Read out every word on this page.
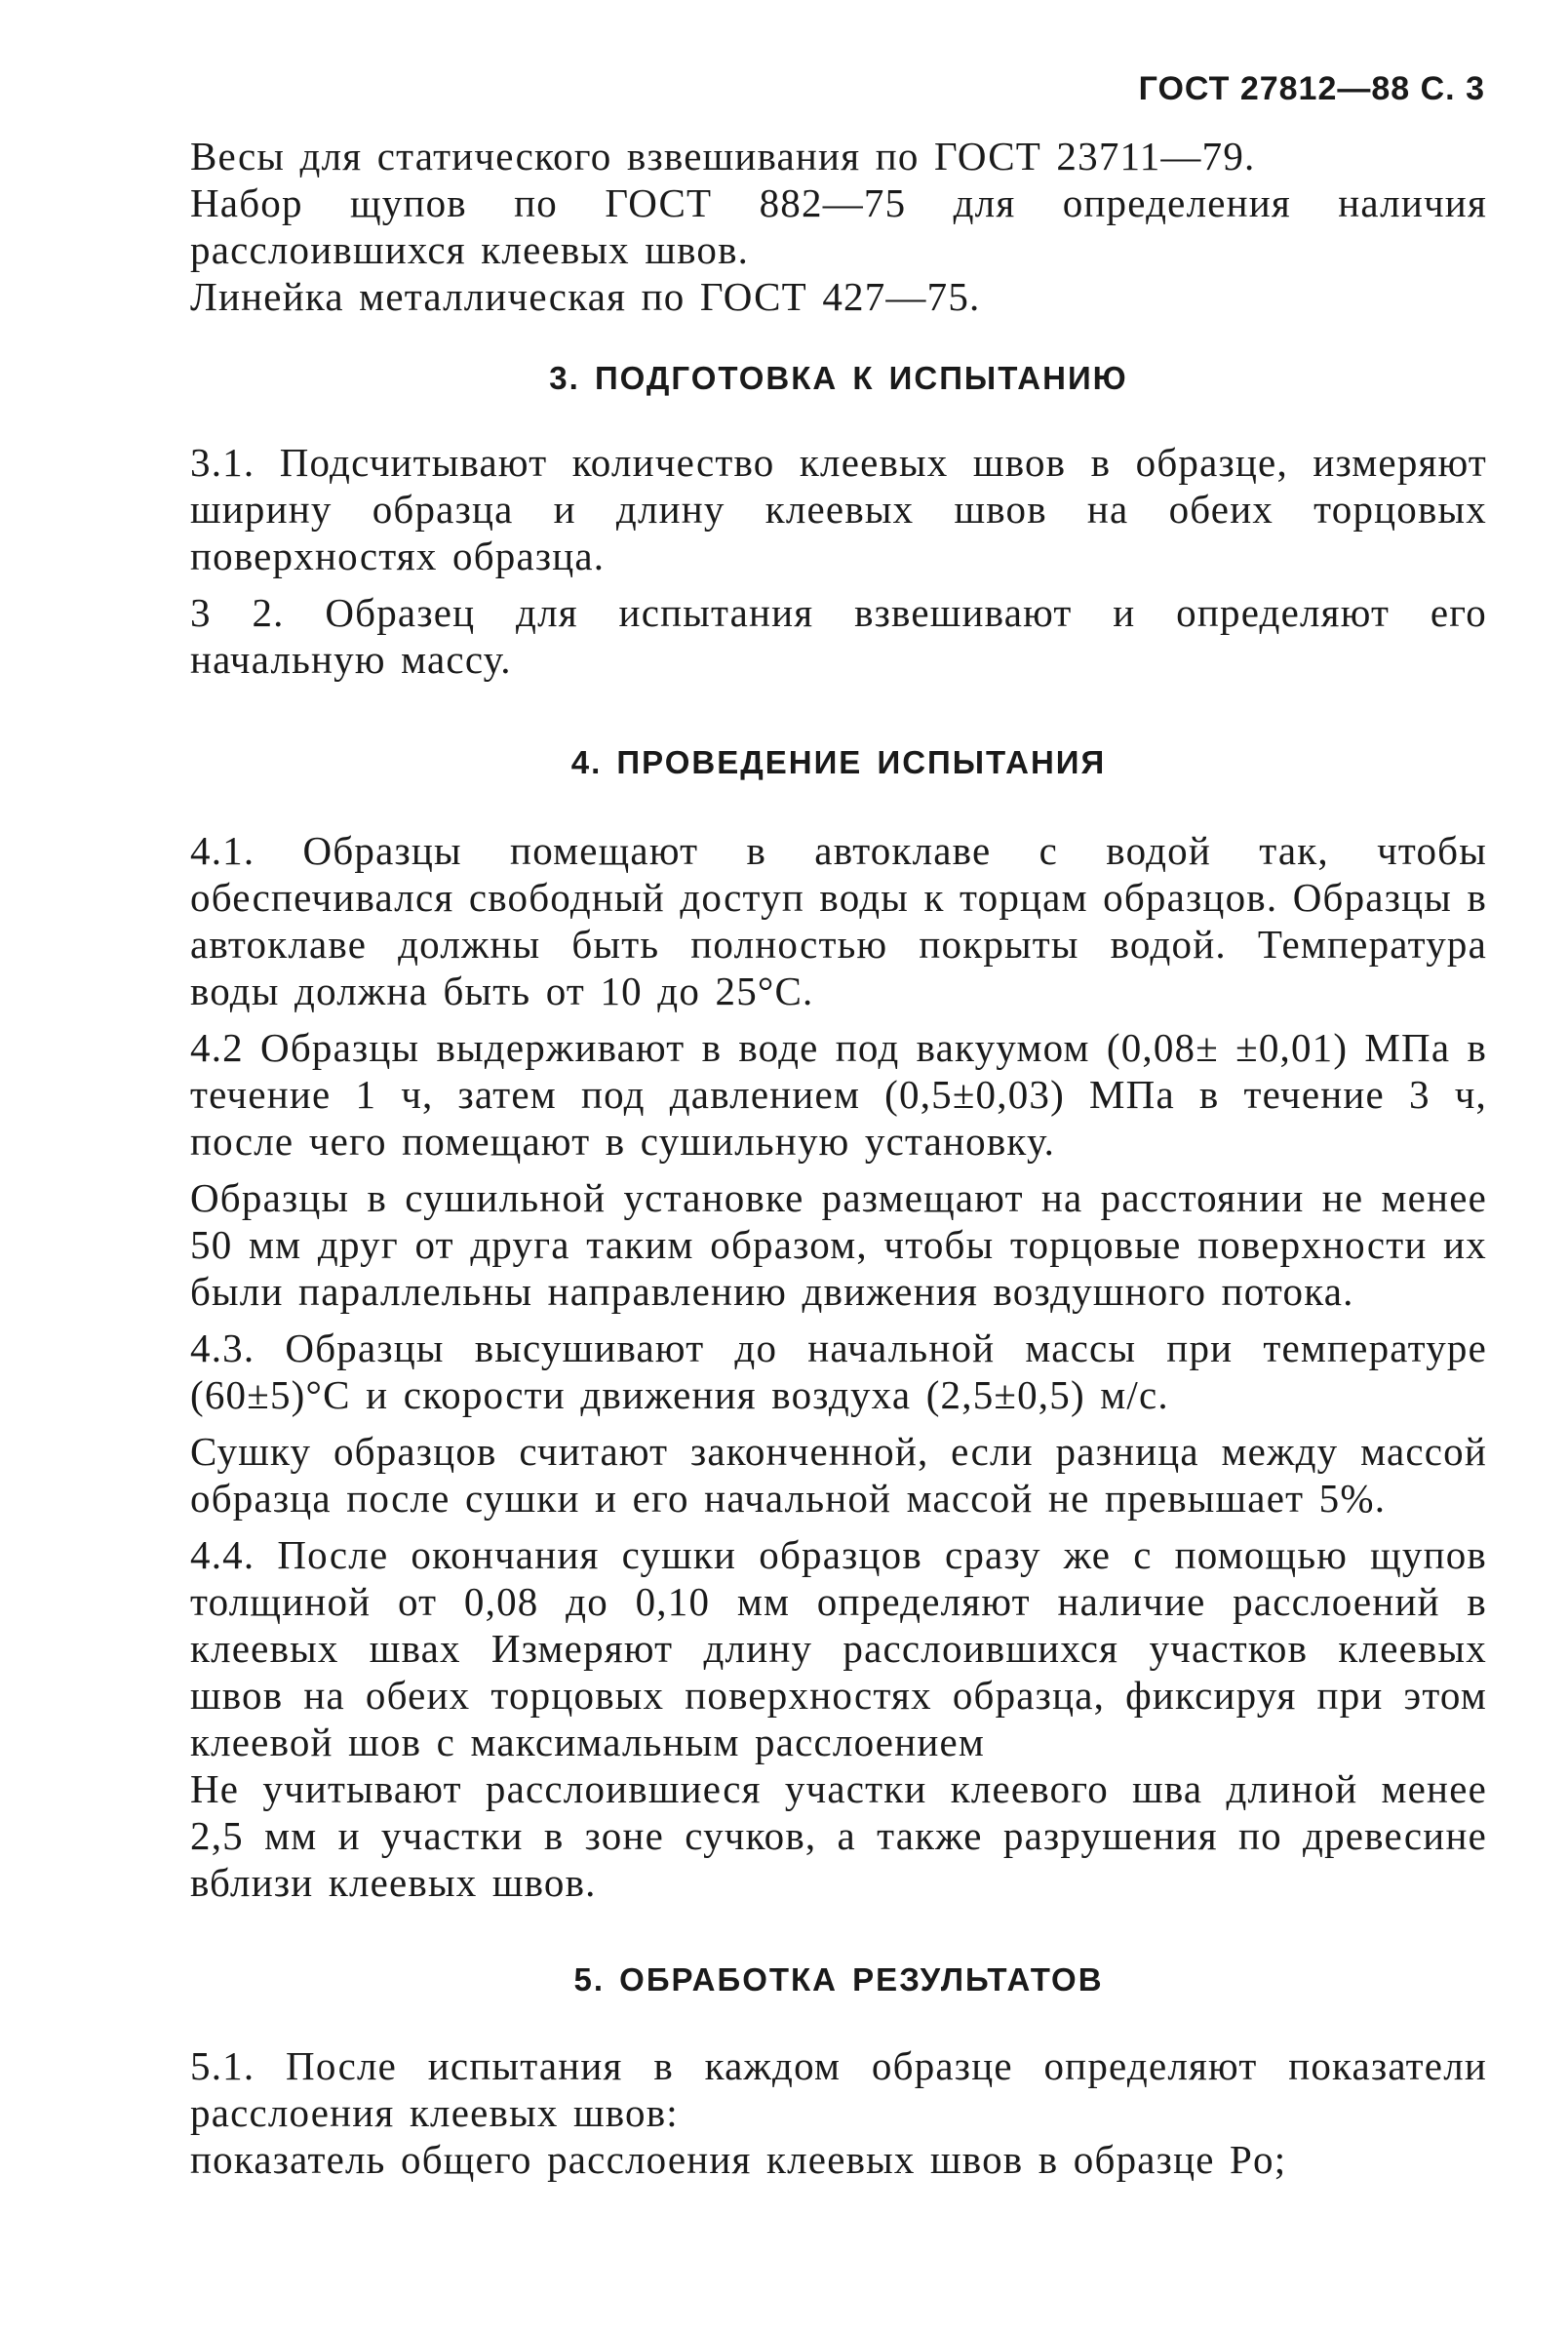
ГОСТ 27812—88 С. 3

Весы для статического взвешивания по ГОСТ 23711—79.

Набор щупов по ГОСТ 882—75 для определения наличия расслоившихся клеевых швов.

Линейка металлическая по ГОСТ 427—75.

3. ПОДГОТОВКА К ИСПЫТАНИЮ

3.1. Подсчитывают количество клеевых швов в образце, измеряют ширину образца и длину клеевых швов на обеих торцовых поверхностях образца.

3 2. Образец для испытания взвешивают и определяют его начальную массу.

4. ПРОВЕДЕНИЕ ИСПЫТАНИЯ

4.1. Образцы помещают в автоклаве с водой так, чтобы обеспечивался свободный доступ воды к торцам образцов. Образцы в автоклаве должны быть полностью покрыты водой. Температура воды должна быть от 10 до 25°С.

4.2 Образцы выдерживают в воде под вакуумом (0,08± ±0,01) МПа в течение 1 ч, затем под давлением (0,5±0,03) МПа в течение 3 ч, после чего помещают в сушильную установку.

Образцы в сушильной установке размещают на расстоянии не менее 50 мм друг от друга таким образом, чтобы торцовые поверхности их были параллельны направлению движения воздушного потока.

4.3. Образцы высушивают до начальной массы при температуре (60±5)°С и скорости движения воздуха (2,5±0,5) м/с.

Сушку образцов считают законченной, если разница между массой образца после сушки и его начальной массой не превышает 5%.

4.4. После окончания сушки образцов сразу же с помощью щупов толщиной от 0,08 до 0,10 мм определяют наличие расслоений в клеевых швах Измеряют длину расслоившихся участков клеевых швов на обеих торцовых поверхностях образца, фиксируя при этом клеевой шов с максимальным расслоением

Не учитывают расслоившиеся участки клеевого шва длиной менее 2,5 мм и участки в зоне сучков, а также разрушения по древесине вблизи клеевых швов.

5. ОБРАБОТКА РЕЗУЛЬТАТОВ

5.1. После испытания в каждом образце определяют показатели расслоения клеевых швов:

показатель общего расслоения клеевых швов в образце Pо;
